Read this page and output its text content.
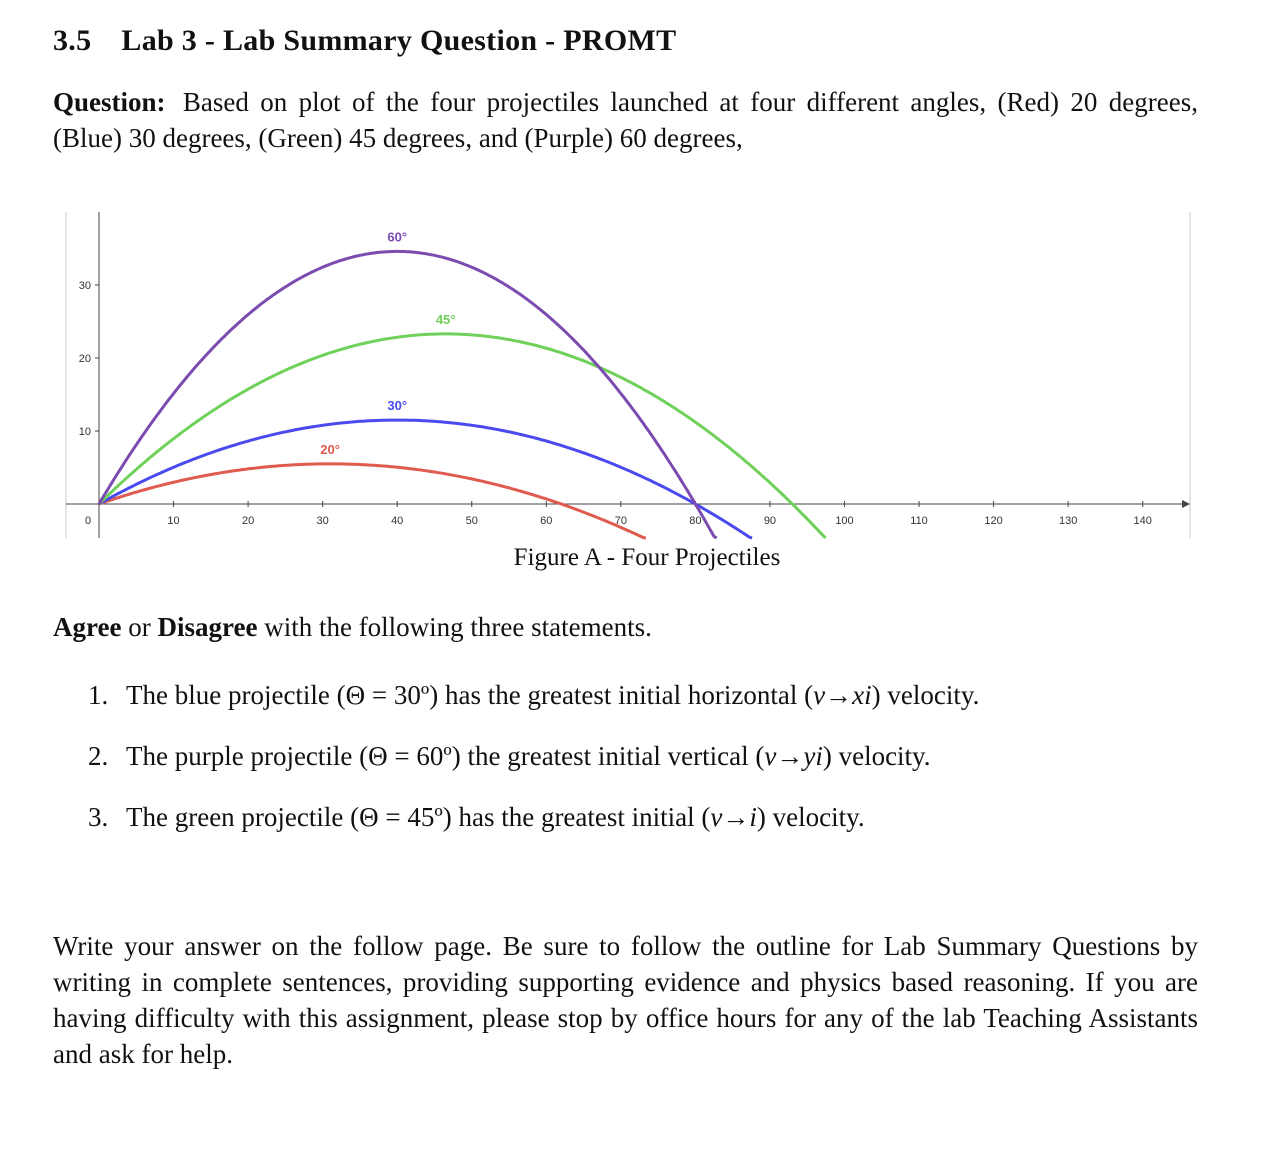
3.5 Lab 3 - Lab Summary Question - PROMT
Question: Based on plot of the four projectiles launched at four different angles, (Red) 20 degrees, (Blue) 30 degrees, (Green) 45 degrees, and (Purple) 60 degrees,
0	10	20	30	40	50	60	70	80	90	100	110	120	130	140
10
20
30
20°
30°
45°
60°
Figure A - Four Projectiles
Agree or Disagree with the following three statements.
1. The blue projectile (Θ = 30º) has the greatest initial horizontal (v→xi) velocity.
2. The purple projectile (Θ = 60º) the greatest initial vertical (v→yi) velocity.
3. The green projectile (Θ = 45º) has the greatest initial (v→i) velocity.
Write your answer on the follow page. Be sure to follow the outline for Lab Summary Questions by writing in complete sentences, providing supporting evidence and physics based reasoning. If you are having difficulty with this assignment, please stop by office hours for any of the lab Teaching Assistants and ask for help.
